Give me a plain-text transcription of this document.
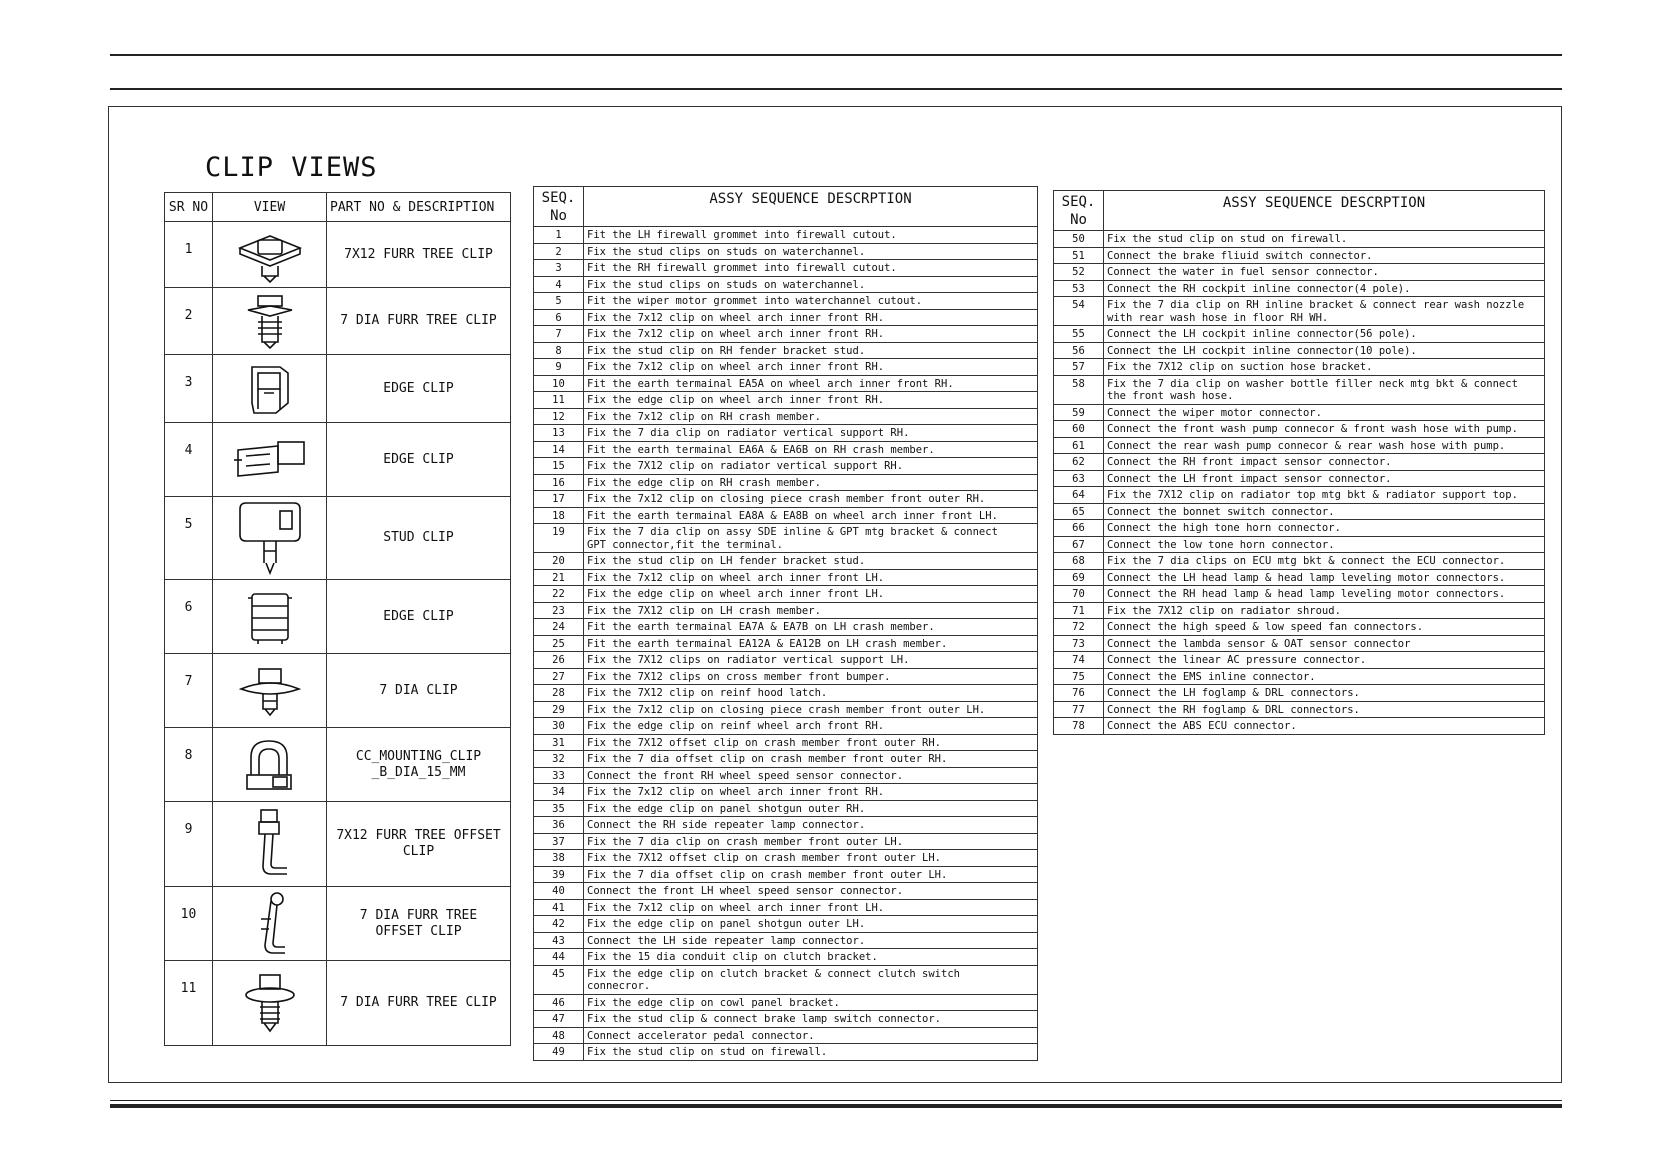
CLIP VIEWS
SR NO	VIEW	PART NO & DESCRIPTION
1		7X12 FURR TREE CLIP
2		7 DIA FURR TREE CLIP
3		EDGE CLIP
4		EDGE CLIP
5		STUD CLIP
6		EDGE CLIP
7		7 DIA CLIP
8		CC_MOUNTING_CLIP
_B_DIA_15_MM
9		7X12 FURR TREE OFFSET
CLIP
10		7 DIA FURR TREE
OFFSET CLIP
11		7 DIA FURR TREE CLIP
SEQ.
No	ASSY SEQUENCE DESCRPTION
1	Fit the LH firewall grommet into firewall cutout.
2	Fix the stud clips on studs on waterchannel.
3	Fit the RH firewall grommet into firewall cutout.
4	Fix the stud clips on studs on waterchannel.
5	Fit the wiper motor grommet into waterchannel cutout.
6	Fix the 7x12 clip on wheel arch inner front RH.
7	Fix the 7x12 clip on wheel arch inner front RH.
8	Fix the stud clip on RH fender bracket stud.
9	Fix the 7x12 clip on wheel arch inner front RH.
10	Fit the earth termainal EA5A on wheel arch inner front RH.
11	Fix the edge clip on wheel arch inner front RH.
12	Fix the 7x12 clip on RH crash member.
13	Fix the 7 dia clip on radiator vertical support RH.
14	Fit the earth termainal EA6A & EA6B on RH crash member.
15	Fix the 7X12 clip on radiator vertical support RH.
16	Fix the edge clip on RH crash member.
17	Fix the 7x12 clip on closing piece crash member front outer RH.
18	Fit the earth termainal EA8A & EA8B on wheel arch inner front LH.
19	Fix the 7 dia clip on assy SDE inline & GPT mtg bracket & connect
GPT connector,fit the terminal.
20	Fix the stud clip on LH fender bracket stud.
21	Fix the 7x12 clip on wheel arch inner front LH.
22	Fix the edge clip on wheel arch inner front LH.
23	Fix the 7X12 clip on LH crash member.
24	Fit the earth termainal EA7A & EA7B on LH crash member.
25	Fit the earth termainal EA12A & EA12B on LH crash member.
26	Fix the 7X12 clips on radiator vertical support LH.
27	Fix the 7X12 clips on cross member front bumper.
28	Fix the 7X12 clip on reinf hood latch.
29	Fix the 7x12 clip on closing piece crash member front outer LH.
30	Fix the edge clip on reinf wheel arch front RH.
31	Fix the 7X12 offset clip on crash member front outer RH.
32	Fix the 7 dia offset clip on crash member front outer RH.
33	Connect the front RH wheel speed sensor connector.
34	Fix the 7x12 clip on wheel arch inner front RH.
35	Fix the edge clip on panel shotgun outer RH.
36	Connect the RH side repeater lamp connector.
37	Fix the 7 dia clip on crash member front outer LH.
38	Fix the 7X12 offset clip on crash member front outer LH.
39	Fix the 7 dia offset clip on crash member front outer LH.
40	Connect the front LH wheel speed sensor connector.
41	Fix the 7x12 clip on wheel arch inner front LH.
42	Fix the edge clip on panel shotgun outer LH.
43	Connect the LH side repeater lamp connector.
44	Fix the 15 dia conduit clip on clutch bracket.
45	Fix the edge clip on clutch bracket & connect clutch switch
connecror.
46	Fix the edge clip on cowl panel bracket.
47	Fix the stud clip & connect brake lamp switch connector.
48	Connect accelerator pedal connector.
49	Fix the stud clip on stud on firewall.
SEQ.
No	ASSY SEQUENCE DESCRPTION
50	Fix the stud clip on stud on firewall.
51	Connect the brake fliuid switch connector.
52	Connect the water in fuel sensor connector.
53	Connect the RH cockpit inline connector(4 pole).
54	Fix the 7 dia clip on RH inline bracket & connect rear wash nozzle
with rear wash hose in floor RH WH.
55	Connect the LH cockpit inline connector(56 pole).
56	Connect the LH cockpit inline connector(10 pole).
57	Fix the 7X12 clip on suction hose bracket.
58	Fix the 7 dia clip on washer bottle filler neck mtg bkt & connect
the front wash hose.
59	Connect the wiper motor connector.
60	Connect the front wash pump connecor & front wash hose with pump.
61	Connect the rear wash pump connecor & rear wash hose with pump.
62	Connect the RH front impact sensor connector.
63	Connect the LH front impact sensor connector.
64	Fix the 7X12 clip on radiator top mtg bkt & radiator support top.
65	Connect the bonnet switch connector.
66	Connect the high tone horn connector.
67	Connect the low tone horn connector.
68	Fix the 7 dia clips on ECU mtg bkt & connect the ECU connector.
69	Connect the LH head lamp & head lamp leveling motor connectors.
70	Connect the RH head lamp & head lamp leveling motor connectors.
71	Fix the 7X12 clip on radiator shroud.
72	Connect the high speed & low speed fan connectors.
73	Connect the lambda sensor & OAT sensor connector
74	Connect the linear AC pressure connector.
75	Connect the EMS inline connector.
76	Connect the LH foglamp & DRL connectors.
77	Connect the RH foglamp & DRL connectors.
78	Connect the ABS ECU connector.
